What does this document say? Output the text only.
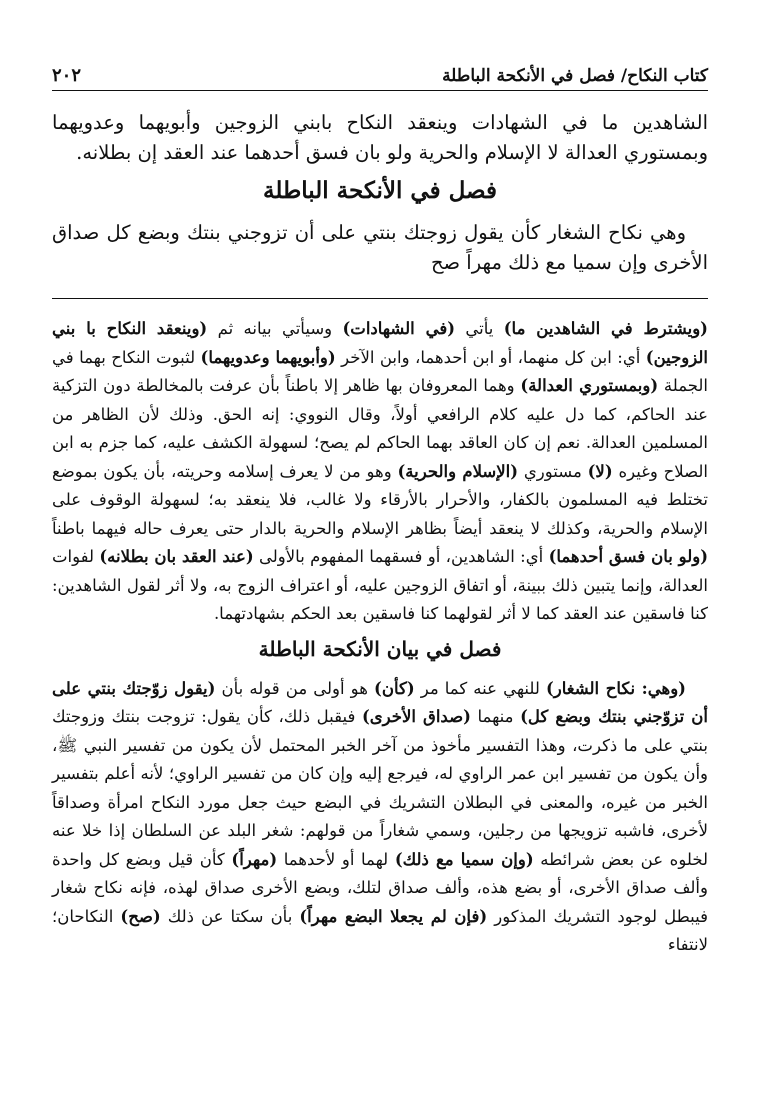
كتاب النكاح/ فصل في الأنكحة الباطلة
٢٠٢

الشاهدين ما في الشهادات وينعقد النكاح بابني الزوجين وأبويهما وعدويهما وبمستوري العدالة لا الإسلام والحرية ولو بان فسق أحدهما عند العقد إن بطلانه.

فصل في الأنكحة الباطلة

وهي نكاح الشغار كأن يقول زوجتك بنتي على أن تزوجني بنتك وبضع كل صداق الأخرى وإن سميا مع ذلك مهراً صح

(ويشترط في الشاهدين ما) يأتي (في الشهادات) وسيأتي بيانه ثم (وينعقد النكاح با بني الزوجين) أي: ابن كل منهما، أو ابن أحدهما، وابن الآخر (وأبويهما وعدويهما) لثبوت النكاح بهما في الجملة (وبمستوري العدالة) وهما المعروفان بها ظاهر إلا باطناً بأن عرفت بالمخالطة دون التزكية عند الحاكم، كما دل عليه كلام الرافعي أولاً، وقال النووي: إنه الحق. وذلك لأن الظاهر من المسلمين العدالة. نعم إن كان العاقد بهما الحاكم لم يصح؛ لسهولة الكشف عليه، كما جزم به ابن الصلاح وغيره (لا) مستوري (الإسلام والحرية) وهو من لا يعرف إسلامه وحريته، بأن يكون بموضع تختلط فيه المسلمون بالكفار، والأحرار بالأرقاء ولا غالب، فلا ينعقد به؛ لسهولة الوقوف على الإسلام والحرية، وكذلك لا ينعقد أيضاً بظاهر الإسلام والحرية بالدار حتى يعرف حاله فيهما باطناً (ولو بان فسق أحدهما) أي: الشاهدين، أو فسقهما المفهوم بالأولى (عند العقد بان بطلانه) لفوات العدالة، وإنما يتبين ذلك ببينة، أو اتفاق الزوجين عليه، أو اعتراف الزوج به، ولا أثر لقول الشاهدين: كنا فاسقين عند العقد كما لا أثر لقولهما كنا فاسقين بعد الحكم بشهادتهما.

فصل في بيان الأنكحة الباطلة

(وهي: نكاح الشغار) للنهي عنه كما مر (كأن) هو أولى من قوله بأن (يقول زوّجتك بنتي على أن تزوّجني بنتك وبضع كل) منهما (صداق الأخرى) فيقبل ذلك، كأن يقول: تزوجت بنتك وزوجتك بنتي على ما ذكرت، وهذا التفسير مأخوذ من آخر الخبر المحتمل لأن يكون من تفسير النبي ﷺ، وأن يكون من تفسير ابن عمر الراوي له، فيرجع إليه وإن كان من تفسير الراوي؛ لأنه أعلم بتفسير الخبر من غيره، والمعنى في البطلان التشريك في البضع حيث جعل مورد النكاح امرأة وصداقاً لأخرى، فاشبه تزويجها من رجلين، وسمي شغاراً من قولهم: شغر البلد عن السلطان إذا خلا عنه لخلوه عن بعض شرائطه (وإن سميا مع ذلك) لهما أو لأحدهما (مهراً) كأن قيل وبضع كل واحدة وألف صداق الأخرى، أو بضع هذه، وألف صداق لتلك، وبضع الأخرى صداق لهذه، فإنه نكاح شغار فيبطل لوجود التشريك المذكور (فإن لم يجعلا البضع مهراً) بأن سكتا عن ذلك (صح) النكاحان؛ لانتفاء
